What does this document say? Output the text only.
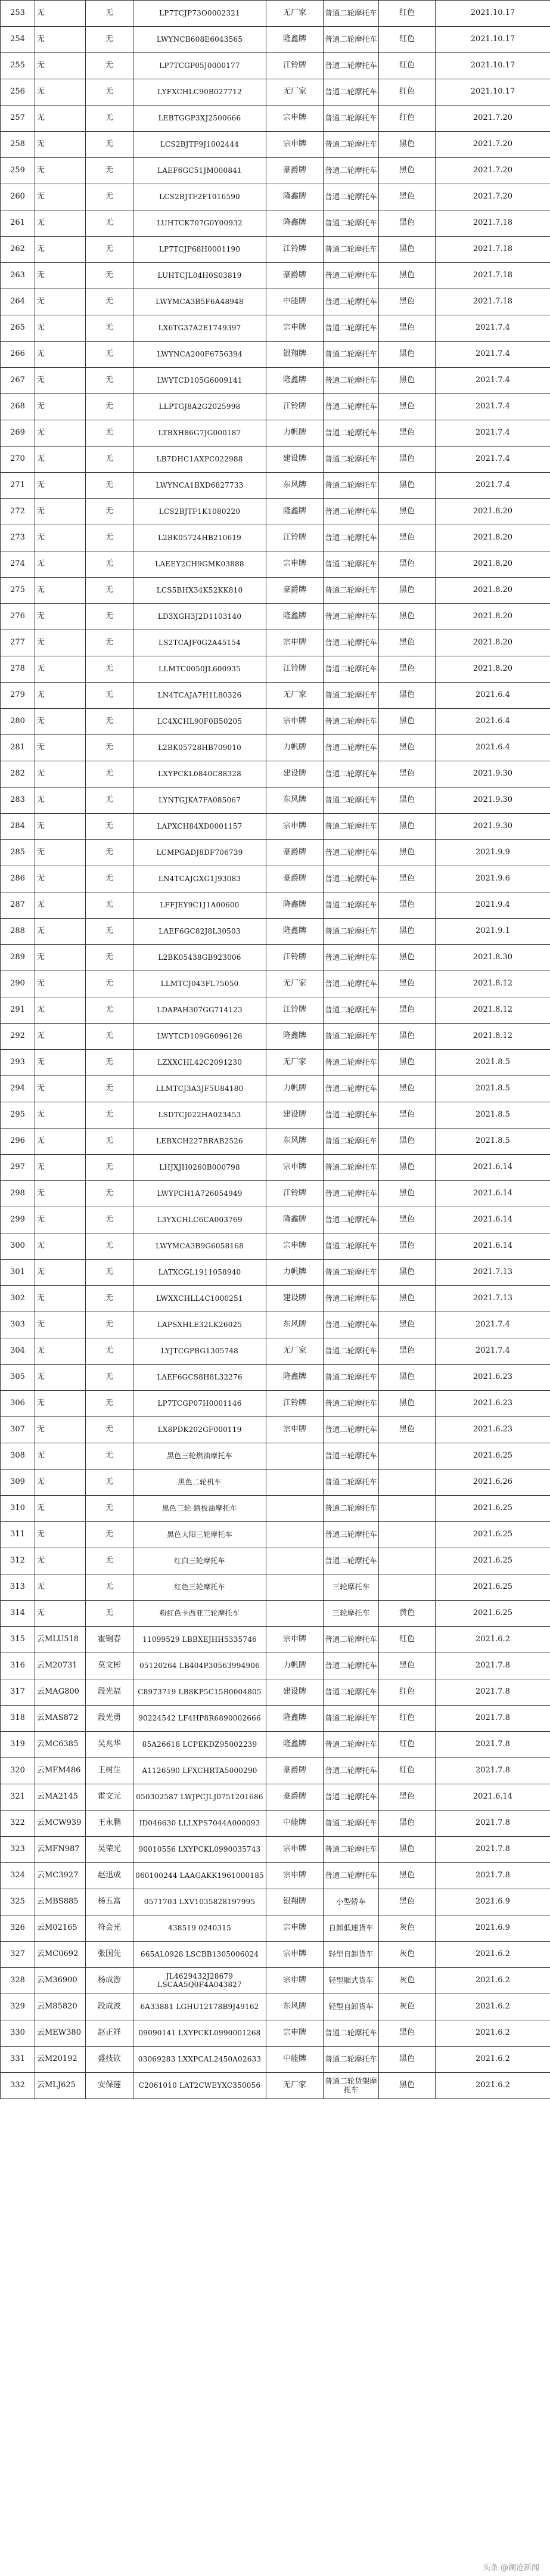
253	无	无	LP7TCJP73O0002321	无厂家	普通二轮摩托车	红色	2021.10.17
254	无	无	LWYNCB608E6043565	隆鑫牌	普通二轮摩托车	红色	2021.10.17
255	无	无	LP7TCGP05J0000177	江铃牌	普通二轮摩托车	红色	2021.10.17
256	无	无	LYFXCHLC90B027712	无厂家	普通二轮摩托车	红色	2021.10.17
257	无	无	LEBTGGP3XJ2500666	宗申牌	普通二轮摩托车	红色	2021.7.20
258	无	无	LCS2BJTF9J1002444	宗申牌	普通二轮摩托车	黑色	2021.7.20
259	无	无	LAEF6GC51JM000841	豪爵牌	普通二轮摩托车	黑色	2021.7.20
260	无	无	LCS2BJTF2F1016590	隆鑫牌	普通二轮摩托车	黑色	2021.7.20
261	无	无	LUHTCK707G0Y00932	隆鑫牌	普通二轮摩托车	黑色	2021.7.18
262	无	无	LP7TCJP68H0001190	江铃牌	普通二轮摩托车	黑色	2021.7.18
263	无	无	LUHTCJL04H0S03819	豪爵牌	普通二轮摩托车	黑色	2021.7.18
264	无	无	LWYMCA3B5F6A48948	中能牌	普通二轮摩托车	黑色	2021.7.18
265	无	无	LX6TG37A2E1749397	宗申牌	普通二轮摩托车	黑色	2021.7.4
266	无	无	LWYNCA200F6756394	银翔牌	普通二轮摩托车	黑色	2021.7.4
267	无	无	LWYTCD105G6009141	隆鑫牌	普通二轮摩托车	黑色	2021.7.4
268	无	无	LLPTGJ8A2G2025998	江铃牌	普通二轮摩托车	黑色	2021.7.4
269	无	无	LTBXH86G7JG000187	力帆牌	普通二轮摩托车	黑色	2021.7.4
270	无	无	LB7DHC1AXPC022988	建设牌	普通二轮摩托车	黑色	2021.7.4
271	无	无	LWYNCA1BXD6827733	东风牌	普通二轮摩托车	黑色	2021.7.4
272	无	无	LCS2BJTF1K1080220	隆鑫牌	普通二轮摩托车	黑色	2021.8.20
273	无	无	L2BK05724HB210619	江铃牌	普通二轮摩托车	黑色	2021.8.20
274	无	无	LAEEY2CH9GMK03888	宗申牌	普通二轮摩托车	黑色	2021.8.20
275	无	无	LCS5BHX34K52KK810	豪爵牌	普通二轮摩托车	黑色	2021.8.20
276	无	无	LD3XGH3J2D1103140	隆鑫牌	普通二轮摩托车	黑色	2021.8.20
277	无	无	LS2TCAJF0G2A45154	宗申牌	普通二轮摩托车	黑色	2021.8.20
278	无	无	LLMTC0050JL600935	江铃牌	普通二轮摩托车	黑色	2021.8.20
279	无	无	LN4TCAJA7H1L80326	无厂家	普通二轮摩托车	黑色	2021.6.4
280	无	无	LC4XCHL90F0B50205	宗申牌	普通二轮摩托车	黑色	2021.6.4
281	无	无	L2BK05728HB709010	力帆牌	普通二轮摩托车	黑色	2021.6.4
282	无	无	LXYPCKL0840C88328	建设牌	普通二轮摩托车	黑色	2021.9.30
283	无	无	LYNTGJKA7FA085067	东风牌	普通二轮摩托车	黑色	2021.9.30
284	无	无	LAPXCH84XD0001157	宗申牌	普通二轮摩托车	黑色	2021.9.30
285	无	无	LCMPGADJ8DF706739	豪爵牌	普通二轮摩托车	黑色	2021.9.9
286	无	无	LN4TCAJGXG1J93083	豪爵牌	普通二轮摩托车	黑色	2021.9.6
287	无	无	LFFJEY9C1J1A00600	隆鑫牌	普通二轮摩托车	黑色	2021.9.4
288	无	无	LAEF6GC82J8L30503	隆鑫牌	普通二轮摩托车	黑色	2021.9.1
289	无	无	L2BK05438GB923006	江铃牌	普通二轮摩托车	黑色	2021.8.30
290	无	无	LLMTCJ043FL75050	无厂家	普通二轮摩托车	黑色	2021.8.12
291	无	无	LDAPAH307GG714123	江铃牌	普通二轮摩托车	黑色	2021.8.12
292	无	无	LWYTCD109G6096126	隆鑫牌	普通二轮摩托车	黑色	2021.8.12
293	无	无	LZXXCHL42C2091230	无厂家	普通二轮摩托车	黑色	2021.8.5
294	无	无	LLMTCJ3A3JF5U84180	力帆牌	普通二轮摩托车	黑色	2021.8.5
295	无	无	LSDTCJ022HA023453	建设牌	普通二轮摩托车	黑色	2021.8.5
296	无	无	LEBXCH227BRAB2526	东风牌	普通二轮摩托车	黑色	2021.8.5
297	无	无	LHJXJH0260B000798	宗申牌	普通二轮摩托车	黑色	2021.6.14
298	无	无	LWYPCH1A726054949	江铃牌	普通二轮摩托车	黑色	2021.6.14
299	无	无	L3YXCHLC6CA003769	隆鑫牌	普通二轮摩托车	黑色	2021.6.14
300	无	无	LWYMCA3B9G6058168	宗申牌	普通二轮摩托车	黑色	2021.6.14
301	无	无	LATXCGL1911058940	力帆牌	普通二轮摩托车	黑色	2021.7.13
302	无	无	LWXXCHLL4C1000251	建设牌	普通二轮摩托车	黑色	2021.7.13
303	无	无	LAPSXHLE32LK26025	东风牌	普通二轮摩托车	黑色	2021.7.4
304	无	无	LYJTCGPBG1305748	无厂家	普通二轮摩托车	黑色	2021.7.4
305	无	无	LAEF6GCS8H8L32276	隆鑫牌	普通二轮摩托车	黑色	2021.6.23
306	无	无	LP7TCGP07H0001146	江铃牌	普通二轮摩托车	黑色	2021.6.23
307	无	无	LX8PDK202GF000119	宗申牌	普通二轮摩托车	黑色	2021.6.23
308	无	无	黑色三轮燃油摩托车		普通三轮摩托车		2021.6.25
309	无	无	黑色二轮机车		普通二轮摩托车		2021.6.26
310	无	无	黑色三轮 踏板油摩托车		普通二轮摩托车		2021.6.25
311	无	无	黑色大阳三轮摩托车		普通三轮摩托车		2021.6.25
312	无	无	红白三轮摩托车		普通二轮摩托车		2021.6.25
313	无	无	红色三轮摩托车		三轮摩托车		2021.6.25
314	无	无	粉红色卡西亚三轮摩托车		三轮摩托车	黄色	2021.6.25
315	云MLU518	霍钢春	11099529 LBBXEJHH5335746	宗申牌	普通二轮摩托车	红色	2021.6.2
316	云M20731	莫文彬	05120264 LB404P30563994906	力帆牌	普通二轮摩托车	黑色	2021.7.8
317	云MAG800	段光福	C8973719 LB8KP5C15B0004805	建设牌	普通二轮摩托车	红色	2021.7.8
318	云MAS872	段光勇	90224542 LF4HP8R6890002666	隆鑫牌	普通二轮摩托车	红色	2021.7.8
319	云MC6385	吴兆华	85A26618 LCPEKDZ95002239	隆鑫牌	普通二轮摩托车	红色	2021.7.8
320	云MFM486	王树生	A1126590 LFXCHRTA5000290	豪爵牌	普通二轮摩托车	红色	2021.7.8
321	云MA2145	霍文元	050302587 LWJPCJLJ0751201686	豪爵牌	普通二轮摩托车	黑色	2021.6.14
322	云MCW939	王永鹏	ID046630 LLLXPS7044A000093	中能牌	普通二轮摩托车	黑色	2021.7.8
323	云MFN987	吴荣光	90010556 LXYPCKL0990035743	宗申牌	普通二轮摩托车	黑色	2021.7.8
324	云MC3927	赵迅成	060100244 LAAGAKK1961000185	宗申牌	普通二轮摩托车	黑色	2021.7.8
325	云MBS885	杨五富	0571703 LXV1035828197995	银翔牌	小型轿车	黑色	2021.6.9
326	云M02165	符会光	438519 0240315	宗申牌	自卸低速货车	灰色	2021.6.9
327	云MC0692	张国先	665AL0928 LSCBB1305006024	宗申牌	轻型自卸货车	灰色	2021.6.2
328	云M36900	杨成游	JL4629432J28679 LSCAA5Q0F4A043827	宗申牌	轻型厢式货车	灰色	2021.6.2
329	云M85820	段成波	6A33881 LGHU12178B9J49162	东风牌	轻型自卸货车	灰色	2021.6.2
330	云MEW380	赵正祥	09090141 LXYPCKL0990001268	宗申牌	普通二轮摩托车	黑色	2021.6.2
331	云M20192	盛技钦	03069283 LXXPCAL2450A02633	中能牌	普通二轮摩托车	黑色	2021.6.2
332	云MLJ625	安保莲	C2061010 LAT2CWEYXC350056	无厂家	普通二轮货架摩托车	黑色	2021.6.2
头条 @澜沧新闻
